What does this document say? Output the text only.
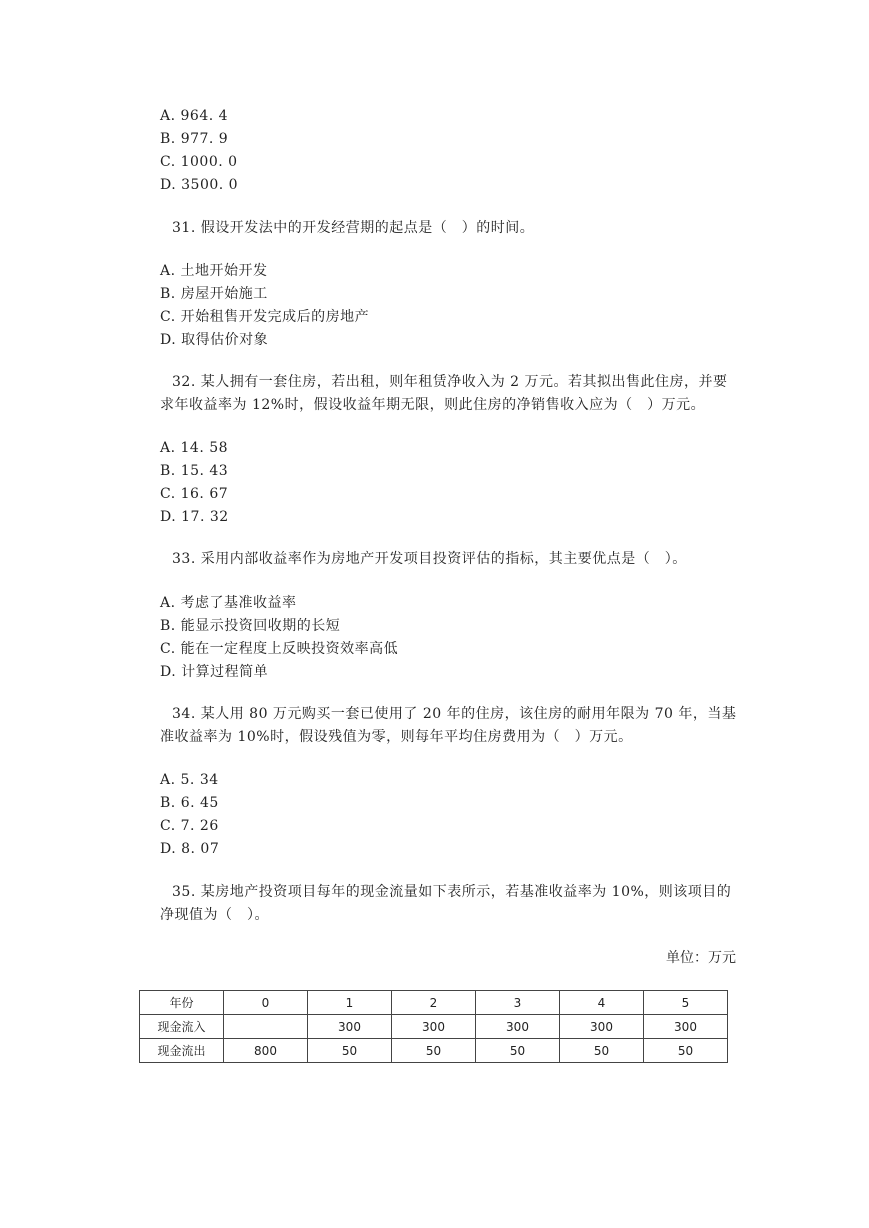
A. 964. 4
B. 977. 9
C. 1000. 0
D. 3500. 0
31. 假设开发法中的开发经营期的起点是（　）的时间。
A. 土地开始开发
B. 房屋开始施工
C. 开始租售开发完成后的房地产
D. 取得估价对象
32. 某人拥有一套住房，若出租，则年租赁净收入为 2 万元。若其拟出售此住房，并要
求年收益率为 12%时，假设收益年期无限，则此住房的净销售收入应为（　）万元。
A. 14. 58
B. 15. 43
C. 16. 67
D. 17. 32
33. 采用内部收益率作为房地产开发项目投资评估的指标，其主要优点是（　）。
A. 考虑了基准收益率
B. 能显示投资回收期的长短
C. 能在一定程度上反映投资效率高低
D. 计算过程简单
34. 某人用 80 万元购买一套已使用了 20 年的住房，该住房的耐用年限为 70 年，当基
准收益率为 10%时，假设残值为零，则每年平均住房费用为（　）万元。
A. 5. 34
B. 6. 45
C. 7. 26
D. 8. 07
35. 某房地产投资项目每年的现金流量如下表所示，若基准收益率为 10%，则该项目的
净现值为（　）。
单位：万元
年份	0	1	2	3	4	5
现金流入		300	300	300	300	300
现金流出	800	50	50	50	50	50
